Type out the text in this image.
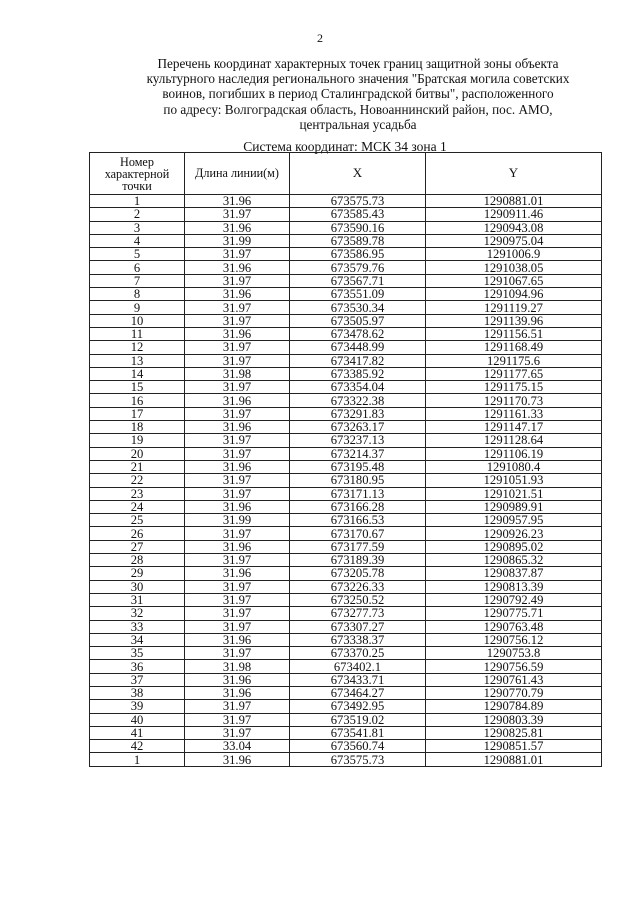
2
Перечень координат характерных точек границ защитной зоны объекта
культурного наследия регионального значения "Братская могила советских
воинов, погибших в период Сталинградской битвы", расположенного
по адресу: Волгоградская область, Новоаннинский район, пос. АМО,
центральная усадьба
Система координат: МСК 34 зона 1
Номер характерной точки	Длина линии(м)	X	Y
1	31.96	673575.73	1290881.01
2	31.97	673585.43	1290911.46
3	31.96	673590.16	1290943.08
4	31.99	673589.78	1290975.04
5	31.97	673586.95	1291006.9
6	31.96	673579.76	1291038.05
7	31.97	673567.71	1291067.65
8	31.96	673551.09	1291094.96
9	31.97	673530.34	1291119.27
10	31.97	673505.97	1291139.96
11	31.96	673478.62	1291156.51
12	31.97	673448.99	1291168.49
13	31.97	673417.82	1291175.6
14	31.98	673385.92	1291177.65
15	31.97	673354.04	1291175.15
16	31.96	673322.38	1291170.73
17	31.97	673291.83	1291161.33
18	31.96	673263.17	1291147.17
19	31.97	673237.13	1291128.64
20	31.97	673214.37	1291106.19
21	31.96	673195.48	1291080.4
22	31.97	673180.95	1291051.93
23	31.97	673171.13	1291021.51
24	31.96	673166.28	1290989.91
25	31.99	673166.53	1290957.95
26	31.97	673170.67	1290926.23
27	31.96	673177.59	1290895.02
28	31.97	673189.39	1290865.32
29	31.96	673205.78	1290837.87
30	31.97	673226.33	1290813.39
31	31.97	673250.52	1290792.49
32	31.97	673277.73	1290775.71
33	31.97	673307.27	1290763.48
34	31.96	673338.37	1290756.12
35	31.97	673370.25	1290753.8
36	31.98	673402.1	1290756.59
37	31.96	673433.71	1290761.43
38	31.96	673464.27	1290770.79
39	31.97	673492.95	1290784.89
40	31.97	673519.02	1290803.39
41	31.97	673541.81	1290825.81
42	33.04	673560.74	1290851.57
1	31.96	673575.73	1290881.01
